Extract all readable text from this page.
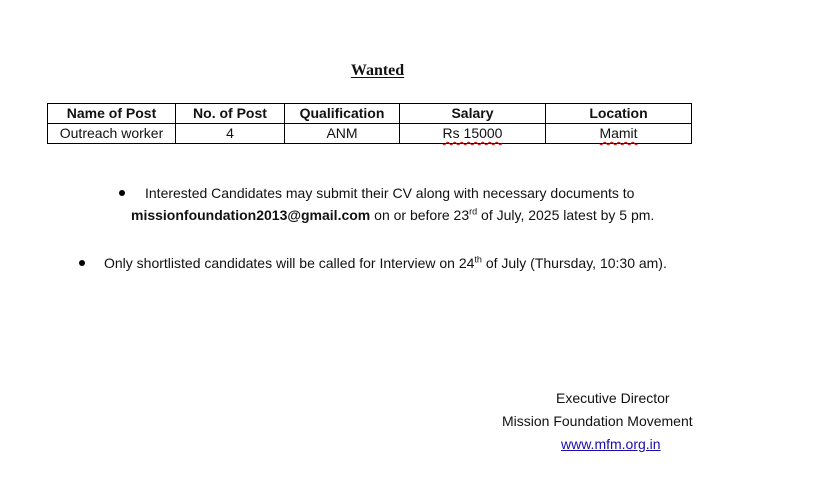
Wanted
Name of Post	No. of Post	Qualification	Salary	Location
Outreach worker	4	ANM	Rs 15000	Mamit
Interested Candidates may submit their CV along with necessary documents to
missionfoundation2013@gmail.com on or before 23rd of July, 2025 latest by 5 pm.
Only shortlisted candidates will be called for Interview on 24th of July (Thursday, 10:30 am).
Executive Director
Mission Foundation Movement
www.mfm.org.in
